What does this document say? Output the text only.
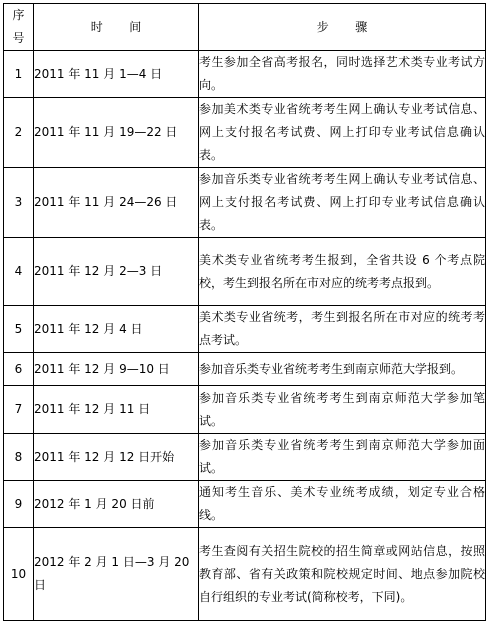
序
号	时 间	步 骤
1	2011 年 11 月 1—4 日	考生参加全省高考报名，同时选择艺术类专业考试方向。
2	2011 年 11 月 19—22 日	参加美术类专业省统考考生网上确认专业考试信息、网上支付报名考试费、网上打印专业考试信息确认表。
3	2011 年 11 月 24—26 日	参加音乐类专业省统考考生网上确认专业考试信息、网上支付报名考试费、网上打印专业考试信息确认表。
4	2011 年 12 月 2—3 日	美术类专业省统考考生报到，全省共设 6 个考点院校，考生到报名所在市对应的统考考点报到。
5	2011 年 12 月 4 日	美术类专业省统考，考生到报名所在市对应的统考考点考试。
6	2011 年 12 月 9—10 日	参加音乐类专业省统考考生到南京师范大学报到。
7	2011 年 12 月 11 日	参加音乐类专业省统考考生到南京师范大学参加笔试。
8	2011 年 12 月 12 日开始	参加音乐类专业省统考考生到南京师范大学参加面试。
9	2012 年 1 月 20 日前	通知考生音乐、美术专业统考成绩，划定专业合格线。
10	2012 年 2 月 1 日—3 月 20 日	考生查阅有关招生院校的招生简章或网站信息，按照教育部、省有关政策和院校规定时间、地点参加院校自行组织的专业考试(简称校考，下同)。
